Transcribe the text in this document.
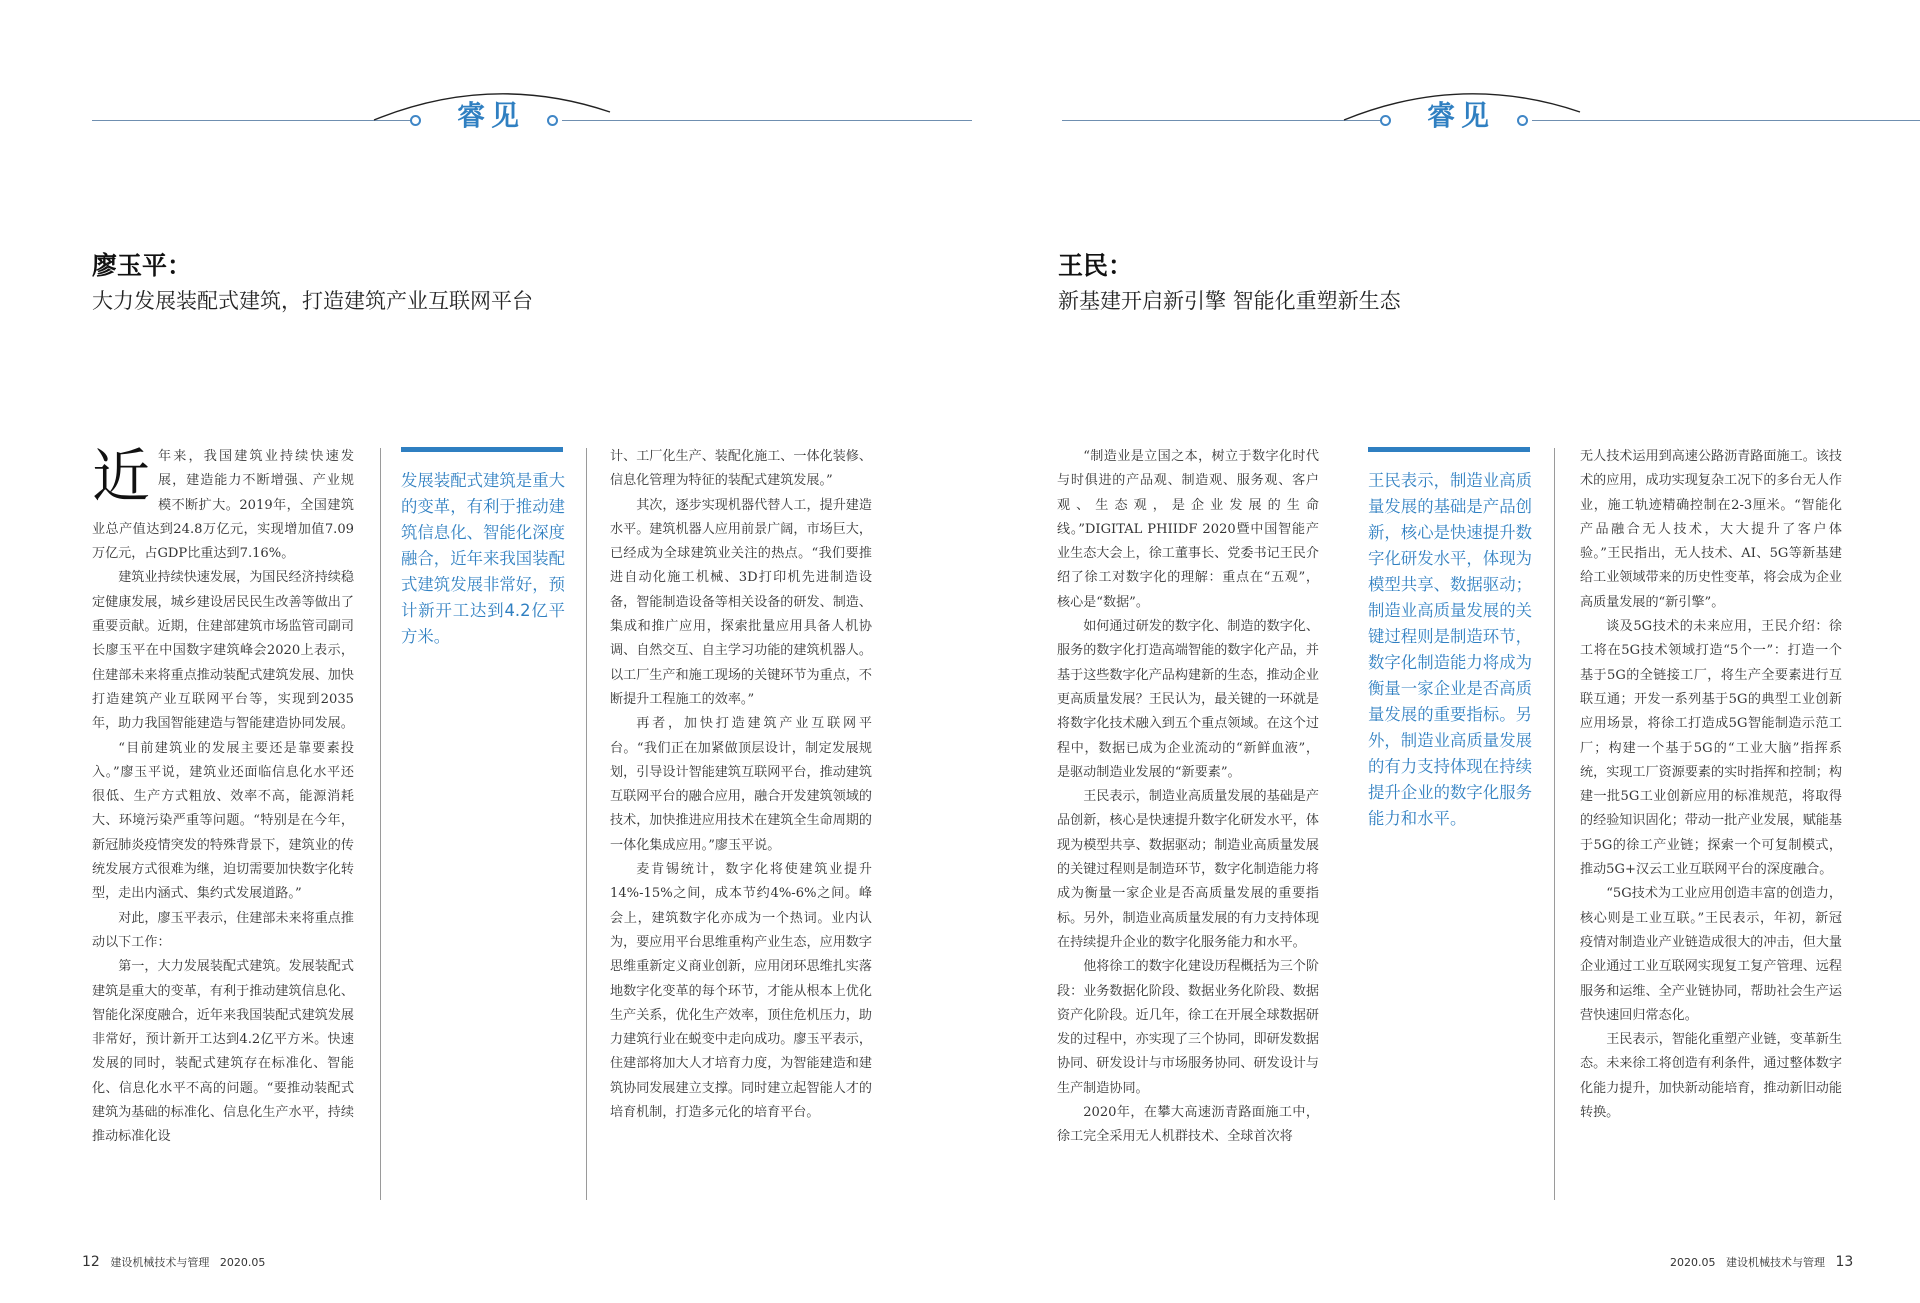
睿见
廖玉平：
大力发展装配式建筑，打造建筑产业互联网平台

近年来，我国建筑业持续快速发展，建造能力不断增强、产业规模不断扩大。2019年，全国建筑业总产值达到24.8万亿元，实现增加值7.09万亿元，占GDP比重达到7.16%。

建筑业持续快速发展，为国民经济持续稳定健康发展，城乡建设居民民生改善等做出了重要贡献。近期，住建部建筑市场监管司副司长廖玉平在中国数字建筑峰会2020上表示，住建部未来将重点推动装配式建筑发展、加快打造建筑产业互联网平台等，实现到2035年，助力我国智能建造与智能建造协同发展。

“目前建筑业的发展主要还是靠要素投入。”廖玉平说，建筑业还面临信息化水平还很低、生产方式粗放、效率不高，能源消耗大、环境污染严重等问题。“特别是在今年，新冠肺炎疫情突发的特殊背景下，建筑业的传统发展方式很难为继，迫切需要加快数字化转型，走出内涵式、集约式发展道路。”

对此，廖玉平表示，住建部未来将重点推动以下工作：

第一，大力发展装配式建筑。发展装配式建筑是重大的变革，有利于推动建筑信息化、智能化深度融合，近年来我国装配式建筑发展非常好，预计新开工达到4.2亿平方米。快速发展的同时，装配式建筑存在标准化、智能化、信息化水平不高的问题。“要推动装配式建筑为基础的标准化、信息化生产水平，持续推动标准化设

发展装配式建筑是重大的变革，有利于推动建筑信息化、智能化深度融合，近年来我国装配式建筑发展非常好，预计新开工达到4.2亿平方米。

计、工厂化生产、装配化施工、一体化装修、信息化管理为特征的装配式建筑发展。”

其次，逐步实现机器代替人工，提升建造水平。建筑机器人应用前景广阔，市场巨大，已经成为全球建筑业关注的热点。“我们要推进自动化施工机械、3D打印机先进制造设备，智能制造设备等相关设备的研发、制造、集成和推广应用，探索批量应用具备人机协调、自然交互、自主学习功能的建筑机器人。以工厂生产和施工现场的关键环节为重点，不断提升工程施工的效率。”

再者，加快打造建筑产业互联网平台。“我们正在加紧做顶层设计，制定发展规划，引导设计智能建筑互联网平台，推动建筑互联网平台的融合应用，融合开发建筑领域的技术，加快推进应用技术在建筑全生命周期的一体化集成应用。”廖玉平说。

麦肯锡统计，数字化将使建筑业提升14%-15%之间，成本节约4%-6%之间。峰会上，建筑数字化亦成为一个热词。业内认为，要应用平台思维重构产业生态，应用数字思维重新定义商业创新，应用闭环思维扎实落地数字化变革的每个环节，才能从根本上优化生产关系，优化生产效率，顶住危机压力，助力建筑行业在蜕变中走向成功。廖玉平表示，住建部将加大人才培育力度，为智能建造和建筑协同发展建立支撑。同时建立起智能人才的培育机制，打造多元化的培育平台。

12 建设机械技术与管理 2020.05
睿见
王民：
新基建开启新引擎 智能化重塑新生态

“制造业是立国之本，树立于数字化时代与时俱进的产品观、制造观、服务观、客户观、生态观，是企业发展的生命线。”DIGITAL PHIIDF 2020暨中国智能产业生态大会上，徐工董事长、党委书记王民介绍了徐工对数字化的理解：重点在“五观”，核心是“数据”。

如何通过研发的数字化、制造的数字化、服务的数字化打造高端智能的数字化产品，并基于这些数字化产品构建新的生态，推动企业更高质量发展？王民认为，最关键的一环就是将数字化技术融入到五个重点领域。在这个过程中，数据已成为企业流动的“新鲜血液”，是驱动制造业发展的“新要素”。

王民表示，制造业高质量发展的基础是产品创新，核心是快速提升数字化研发水平，体现为模型共享、数据驱动；制造业高质量发展的关键过程则是制造环节，数字化制造能力将成为衡量一家企业是否高质量发展的重要指标。另外，制造业高质量发展的有力支持体现在持续提升企业的数字化服务能力和水平。

他将徐工的数字化建设历程概括为三个阶段：业务数据化阶段、数据业务化阶段、数据资产化阶段。近几年，徐工在开展全球数据研发的过程中，亦实现了三个协同，即研发数据协同、研发设计与市场服务协同、研发设计与生产制造协同。

2020年，在攀大高速沥青路面施工中，徐工完全采用无人机群技术、全球首次将

王民表示，制造业高质量发展的基础是产品创新，核心是快速提升数字化研发水平，体现为模型共享、数据驱动；制造业高质量发展的关键过程则是制造环节，数字化制造能力将成为衡量一家企业是否高质量发展的重要指标。另外，制造业高质量发展的有力支持体现在持续提升企业的数字化服务能力和水平。

无人技术运用到高速公路沥青路面施工。该技术的应用，成功实现复杂工况下的多台无人作业，施工轨迹精确控制在2-3厘米。“智能化产品融合无人技术，大大提升了客户体验。”王民指出，无人技术、AI、5G等新基建给工业领域带来的历史性变革，将会成为企业高质量发展的“新引擎”。

谈及5G技术的未来应用，王民介绍：徐工将在5G技术领域打造“5个一”：打造一个基于5G的全链接工厂，将生产全要素进行互联互通；开发一系列基于5G的典型工业创新应用场景，将徐工打造成5G智能制造示范工厂；构建一个基于5G的“工业大脑”指挥系统，实现工厂资源要素的实时指挥和控制；构建一批5G工业创新应用的标准规范，将取得的经验知识固化；带动一批产业发展，赋能基于5G的徐工产业链；探索一个可复制模式，推动5G+汉云工业互联网平台的深度融合。

“5G技术为工业应用创造丰富的创造力，核心则是工业互联。”王民表示，年初，新冠疫情对制造业产业链造成很大的冲击，但大量企业通过工业互联网实现复工复产管理、远程服务和运维、全产业链协同，帮助社会生产运营快速回归常态化。

王民表示，智能化重塑产业链，变革新生态。未来徐工将创造有利条件，通过整体数字化能力提升，加快新动能培育，推动新旧动能转换。

2020.05 建设机械技术与管理 13
